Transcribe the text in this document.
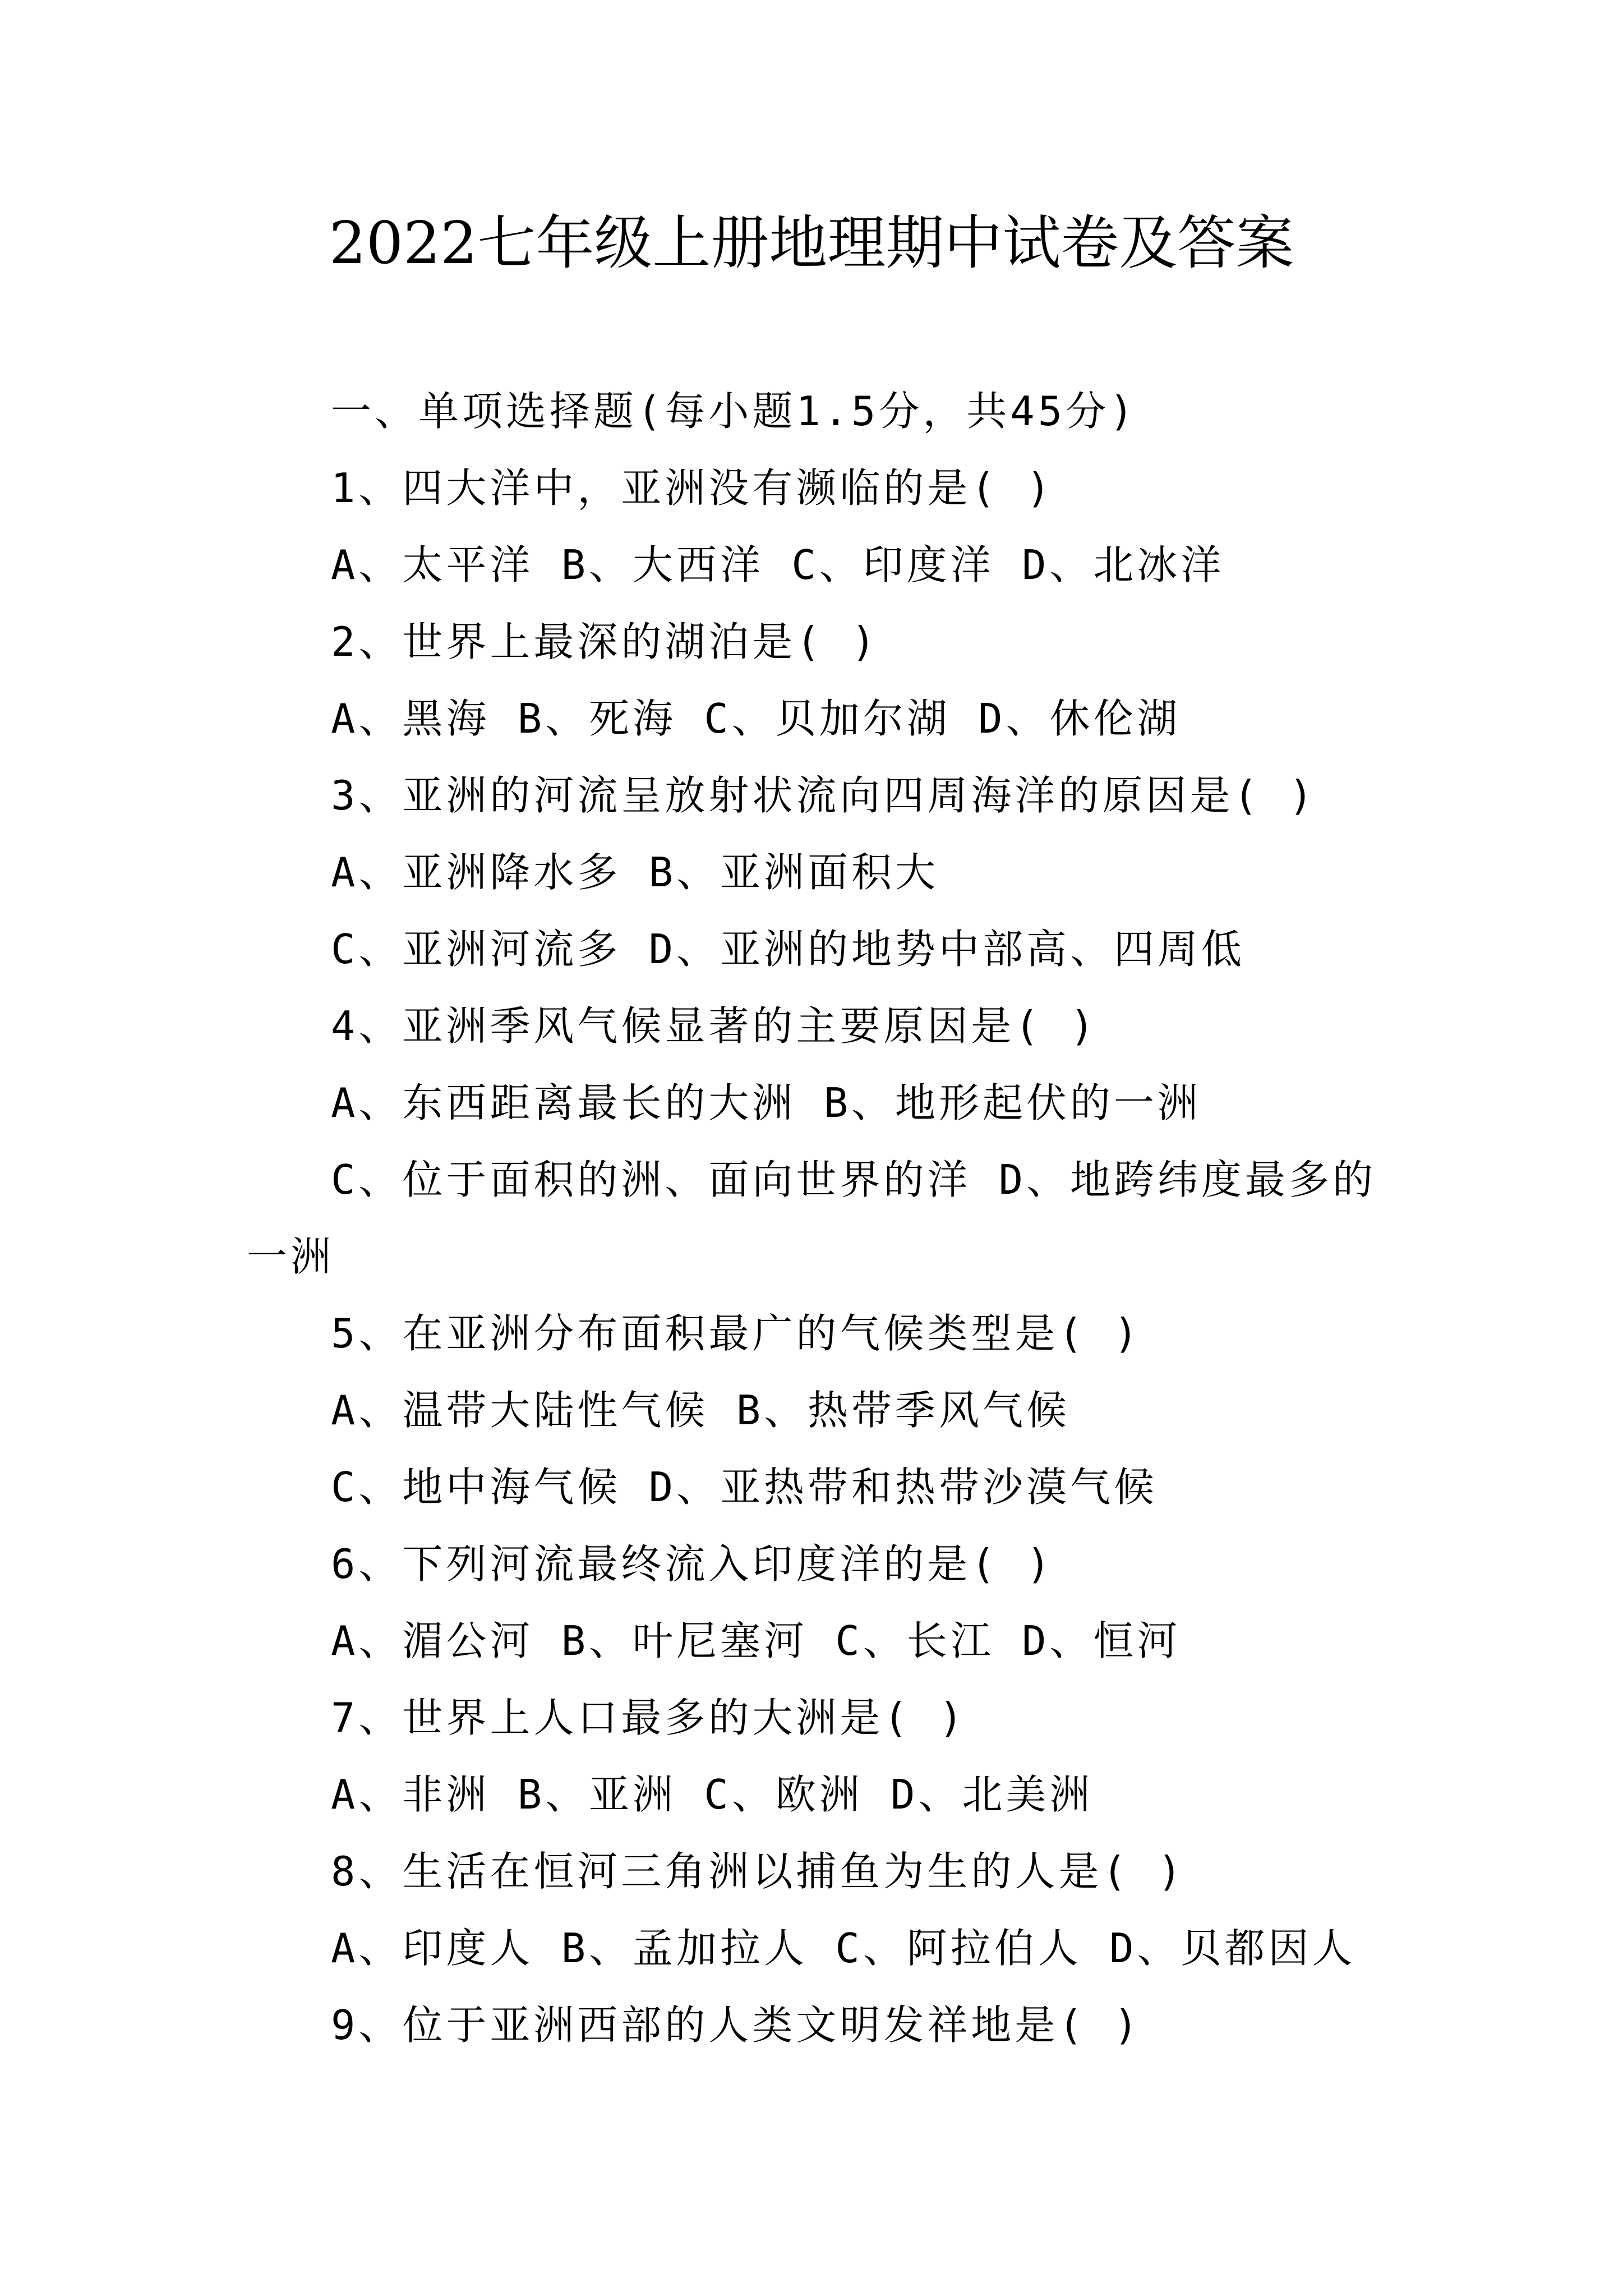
2022七年级上册地理期中试卷及答案
一、单项选择题(每小题1.5分，共45分)
1、四大洋中，亚洲没有濒临的是( )
A、太平洋 B、大西洋 C、印度洋 D、北冰洋
2、世界上最深的湖泊是( )
A、黑海 B、死海 C、贝加尔湖 D、休伦湖
3、亚洲的河流呈放射状流向四周海洋的原因是( )
A、亚洲降水多 B、亚洲面积大
C、亚洲河流多 D、亚洲的地势中部高、四周低
4、亚洲季风气候显著的主要原因是( )
A、东西距离最长的大洲 B、地形起伏的一洲
C、位于面积的洲、面向世界的洋 D、地跨纬度最多的
一洲
5、在亚洲分布面积最广的气候类型是( )
A、温带大陆性气候 B、热带季风气候
C、地中海气候 D、亚热带和热带沙漠气候
6、下列河流最终流入印度洋的是( )
A、湄公河 B、叶尼塞河 C、长江 D、恒河
7、世界上人口最多的大洲是( )
A、非洲 B、亚洲 C、欧洲 D、北美洲
8、生活在恒河三角洲以捕鱼为生的人是( )
A、印度人 B、孟加拉人 C、阿拉伯人 D、贝都因人
9、位于亚洲西部的人类文明发祥地是( )
